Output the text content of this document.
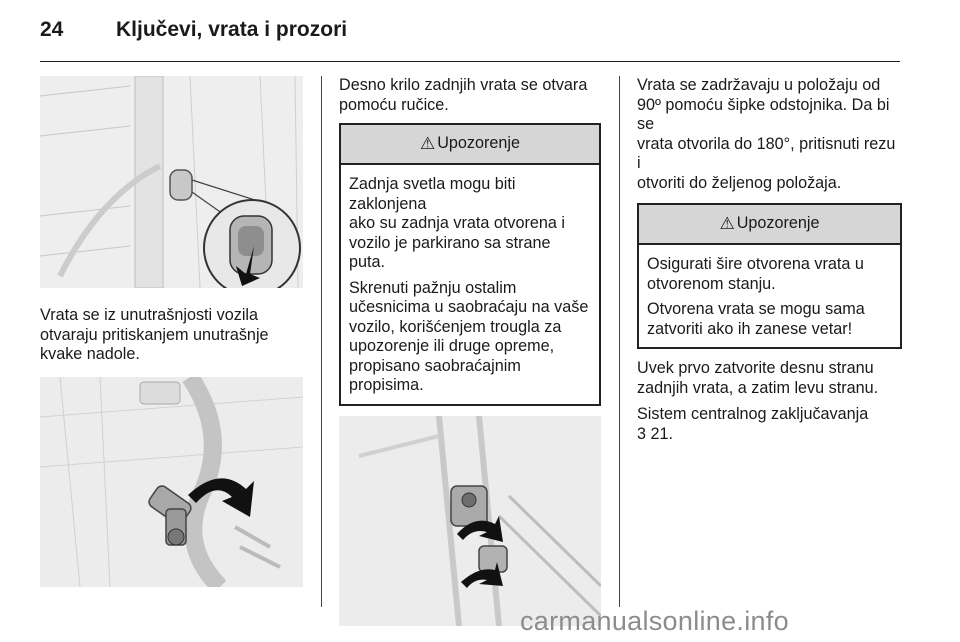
24	Ključevi, vrata i prozori

Vrata se iz unutrašnjosti vozila
otvaraju pritiskanjem unutrašnje
kvake nadole.

Desno krilo zadnjih vrata se otvara
pomoću ručice.

⚠ Upozorenje

Zadnja svetla mogu biti zaklonjena
ako su zadnja vrata otvorena i
vozilo je parkirano sa strane puta.

Skrenuti pažnju ostalim
učesnicima u saobraćaju na vaše
vozilo, korišćenjem trougla za
upozorenje ili druge opreme,
propisano saobraćajnim
propisima.

Vrata se zadržavaju u položaju od
90º pomoću šipke odstojnika. Da bi se
vrata otvorila do 180°, pritisnuti rezu i
otvoriti do željenog položaja.

⚠ Upozorenje

Osigurati šire otvorena vrata u
otvorenom stanju.

Otvorena vrata se mogu sama
zatvoriti ako ih zanese vetar!

Uvek prvo zatvorite desnu stranu
zadnjih vrata, a zatim levu stranu.

Sistem centralnog zaključavanja
3 21.

carmanualsonline.info
